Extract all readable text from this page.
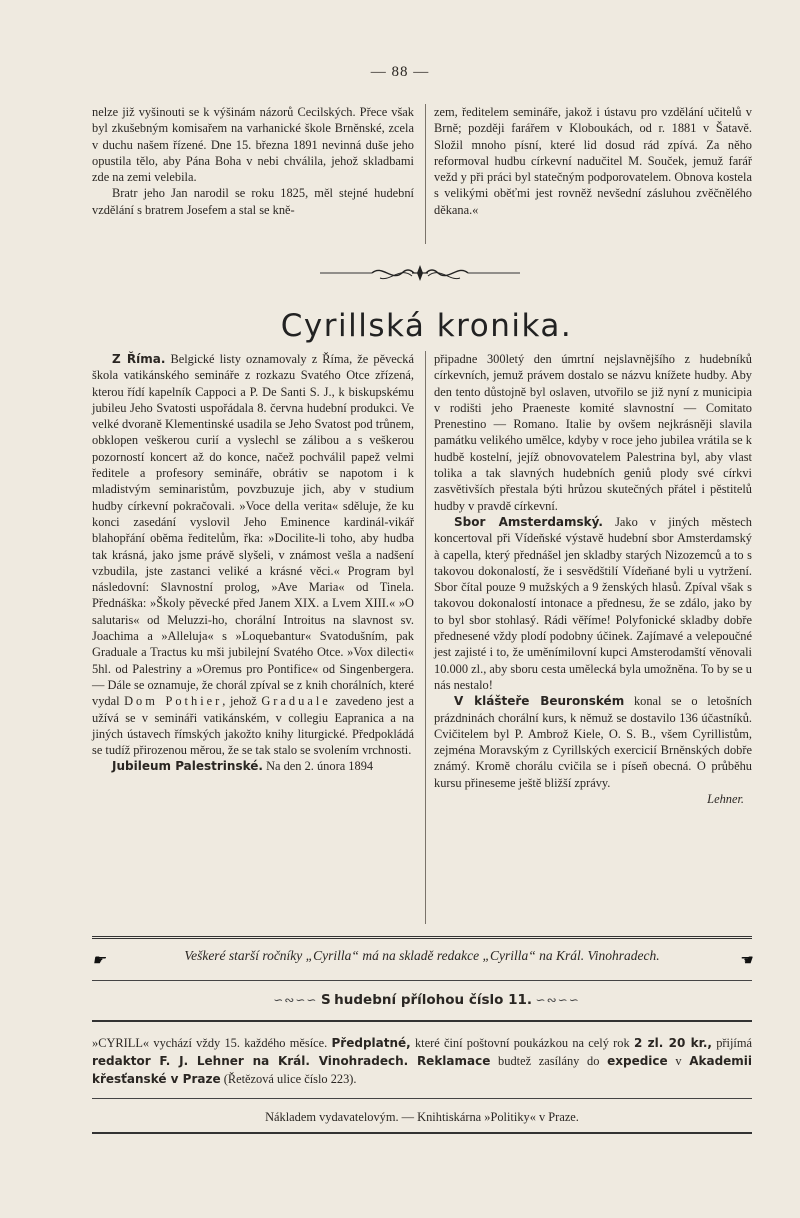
— 88 —

nelze již vyšinouti se k výšinám názorů Cecilských. Přece však byl zkušebným komisařem na varhanické škole Brněnské, zcela v duchu našem řízené. Dne 15. března 1891 nevinná duše jeho opustila tělo, aby Pána Boha v nebi chválila, jehož skladbami zde na zemi velebila.

Bratr jeho Jan narodil se roku 1825, měl stejné hudební vzdělání s bratrem Josefem a stal se kně-

zem, ředitelem semináře, jakož i ústavu pro vzdělání učitelů v Brně; později farářem v Kloboukách, od r. 1881 v Šatavě. Složil mnoho písní, které lid dosud rád zpívá. Za něho reformoval hudbu církevní nadučitel M. Souček, jemuž farář vežd y při práci byl statečným podporovatelem. Obnova kostela s velikými oběťmi jest rovněž nevšední zásluhou zvěčnělého děkana.«

Cyrillská kronika.

Z Říma. Belgické listy oznamovaly z Říma, že pěvecká škola vatikánského semináře z rozkazu Svatého Otce zřízená, kterou řídí kapelník Cappoci a P. De Santi S. J., k biskupskému jubileu Jeho Svatosti uspořádala 8. června hudební produkci. Ve velké dvoraně Klementinské usadila se Jeho Svatost pod trůnem, obklopen veškerou curií a vyslechl se zálibou a s veškerou pozorností koncert až do konce, načež pochválil papež velmi ředitele a profesory semináře, obrátiv se napotom i k mladistvým seminaristům, povzbuzuje jich, aby v studium hudby církevní pokračovali. »Voce della verita« sděluje, že ku konci zasedání vyslovil Jeho Eminence kardinál-vikář blahopřání oběma ředitelům, řka: »Docilite-li toho, aby hudba tak krásná, jako jsme právě slyšeli, v známost vešla a nadšení vzbudila, jste zastanci veliké a krásné věci.« Program byl následovní: Slavnostní prolog, »Ave Maria« od Tinela. Přednáška: »Školy pěvecké před Janem XIX. a Lvem XIII.« »O salutaris« od Meluzzi-ho, chorální Introitus na slavnost sv. Joachima a »Alleluja« s »Loquebantur« Svatodušním, pak Graduale a Tractus ku mši jubilejní Svatého Otce. »Vox dilecti« 5hl. od Palestriny a »Oremus pro Pontifice« od Singenbergera. — Dále se oznamuje, že chorál zpíval se z knih chorálních, které vydal Dom Pothier, jehož Graduale zavedeno jest a užívá se v semináři vatikánském, v collegiu Eapranica a na jiných ústavech římských jakožto knihy liturgické. Předpokládá se tudíž přirozenou měrou, že se tak stalo se svolením vrchnosti.

Jubileum Palestrinské. Na den 2. února 1894

připadne 300letý den úmrtní nejslavnějšího z hudebníků církevních, jemuž právem dostalo se názvu knížete hudby. Aby den tento důstojně byl oslaven, utvořilo se již nyní z municipia v rodišti jeho Praeneste komité slavnostní — Comitato Prenestino — Romano. Italie by ovšem nejkrásněji slavila památku velikého umělce, kdyby v roce jeho jubilea vrátila se k hudbě kostelní, jejíž obnovovatelem Palestrina byl, aby vlast tolika a tak slavných hudebních geniů plody své církvi zasvětivších přestala býti hrůzou skutečných přátel i pěstitelů hudby v pravdě církevní.

Sbor Amsterdamský. Jako v jiných městech koncertoval při Vídeňské výstavě hudební sbor Amsterdamský à capella, který přednášel jen skladby starých Nizozemců a to s takovou dokonalostí, že i sesvědštilí Vídeňané byli u vytržení. Sbor čítal pouze 9 mužských a 9 ženských hlasů. Zpíval však s takovou dokonalostí intonace a přednesu, že se zdálo, jako by to byl sbor stohlasý. Rádi věříme! Polyfonické skladby dobře přednesené vždy plodí podobny účinek. Zajímavé a velepoučné jest zajisté i to, že uměnímilovní kupci Amsterodamští věnovali 10.000 zl., aby sboru cesta umělecká byla umožněna. To by se u nás nestalo!

V klášteře Beuronském konal se o letošních prázdninách chorální kurs, k němuž se dostavilo 136 účastníků. Cvičitelem byl P. Ambrož Kiele, O. S. B., všem Cyrillistům, zejména Moravským z Cyrillských exercicií Brněnských dobře známý. Kromě chorálu cvičila se i píseň obecná. O průběhu kursu přineseme ještě bližší zprávy.

Lehner.

☛	Veškeré starší ročníky „Cyrilla“ má na skladě redakce „Cyrilla“ na Král. Vinohradech.	☚
∽∾∽∽ S hudební přílohou číslo 11. ∽∾∽∽
»CYRILL« vychází vždy 15. každého měsíce. Předplatné, které činí poštovní poukázkou na celý rok 2 zl. 20 kr., přijímá redaktor F. J. Lehner na Král. Vinohradech. Reklamace budtež zasílány do expedice v Akademii křesťanské v Praze (Řetězová ulice číslo 223).
Nákladem vydavatelovým. — Knihtiskárna »Politiky« v Praze.
